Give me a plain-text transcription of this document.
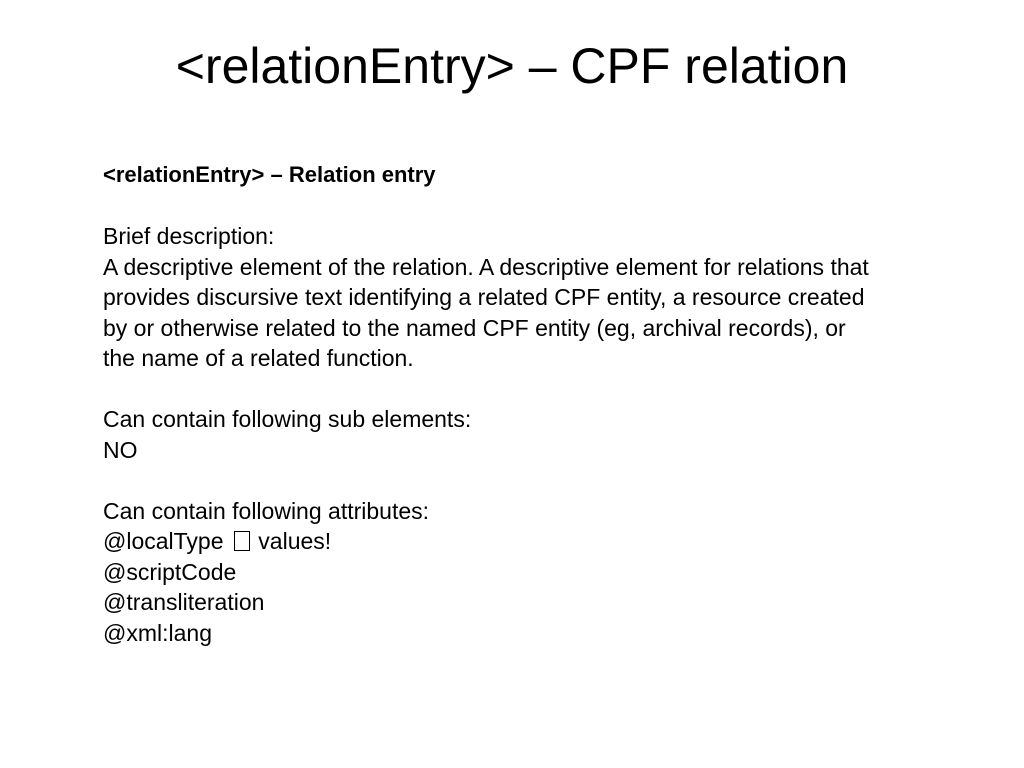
<relationEntry> – CPF relation
<relationEntry> – Relation entry
Brief description:
A descriptive element of the relation. A descriptive element for relations that
provides discursive text identifying a related CPF entity, a resource created
by or otherwise related to the named CPF entity (eg, archival records), or
the name of a related function.
Can contain following sub elements:
NO
Can contain following attributes:
@localType values!
@scriptCode
@transliteration
@xml:lang
